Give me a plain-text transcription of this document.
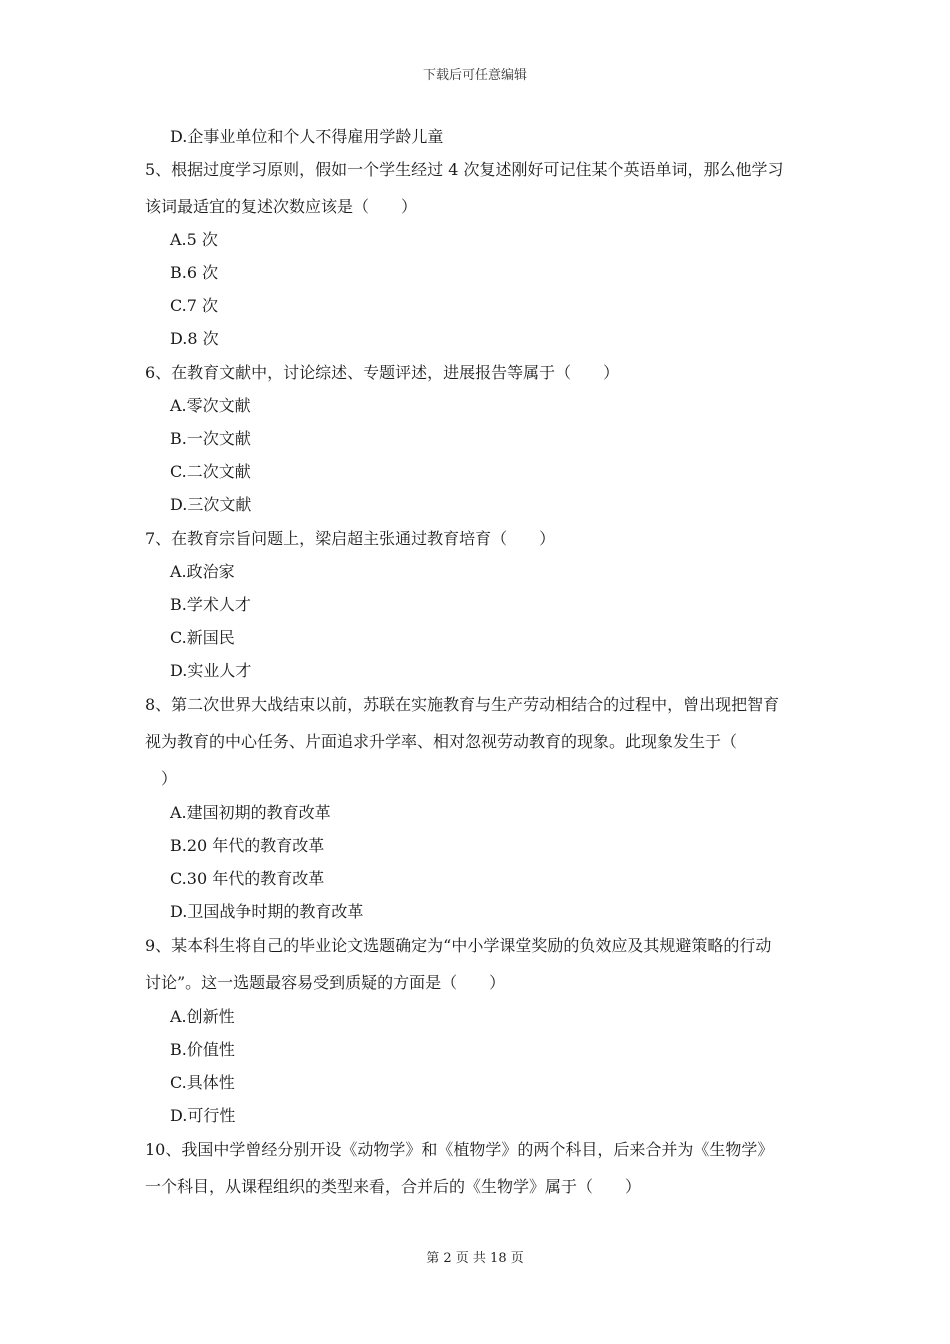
下载后可任意编辑
D.企事业单位和个人不得雇用学龄儿童
5、根据过度学习原则，假如一个学生经过 4 次复述刚好可记住某个英语单词，那么他学习
该词最适宜的复述次数应该是（　　）
A.5 次
B.6 次
C.7 次
D.8 次
6、在教育文献中，讨论综述、专题评述，进展报告等属于（　　）
A.零次文献
B.一次文献
C.二次文献
D.三次文献
7、在教育宗旨问题上，梁启超主张通过教育培育（　　）
A.政治家
B.学术人才
C.新国民
D.实业人才
8、第二次世界大战结束以前，苏联在实施教育与生产劳动相结合的过程中，曾出现把智育
视为教育的中心任务、片面追求升学率、相对忽视劳动教育的现象。此现象发生于（
　）
A.建国初期的教育改革
B.20 年代的教育改革
C.30 年代的教育改革
D.卫国战争时期的教育改革
9、某本科生将自己的毕业论文选题确定为“中小学课堂奖励的负效应及其规避策略的行动
讨论”。这一选题最容易受到质疑的方面是（　　）
A.创新性
B.价值性
C.具体性
D.可行性
10、我国中学曾经分别开设《动物学》和《植物学》的两个科目，后来合并为《生物学》
一个科目，从课程组织的类型来看，合并后的《生物学》属于（　　）
第 2 页 共 18 页
